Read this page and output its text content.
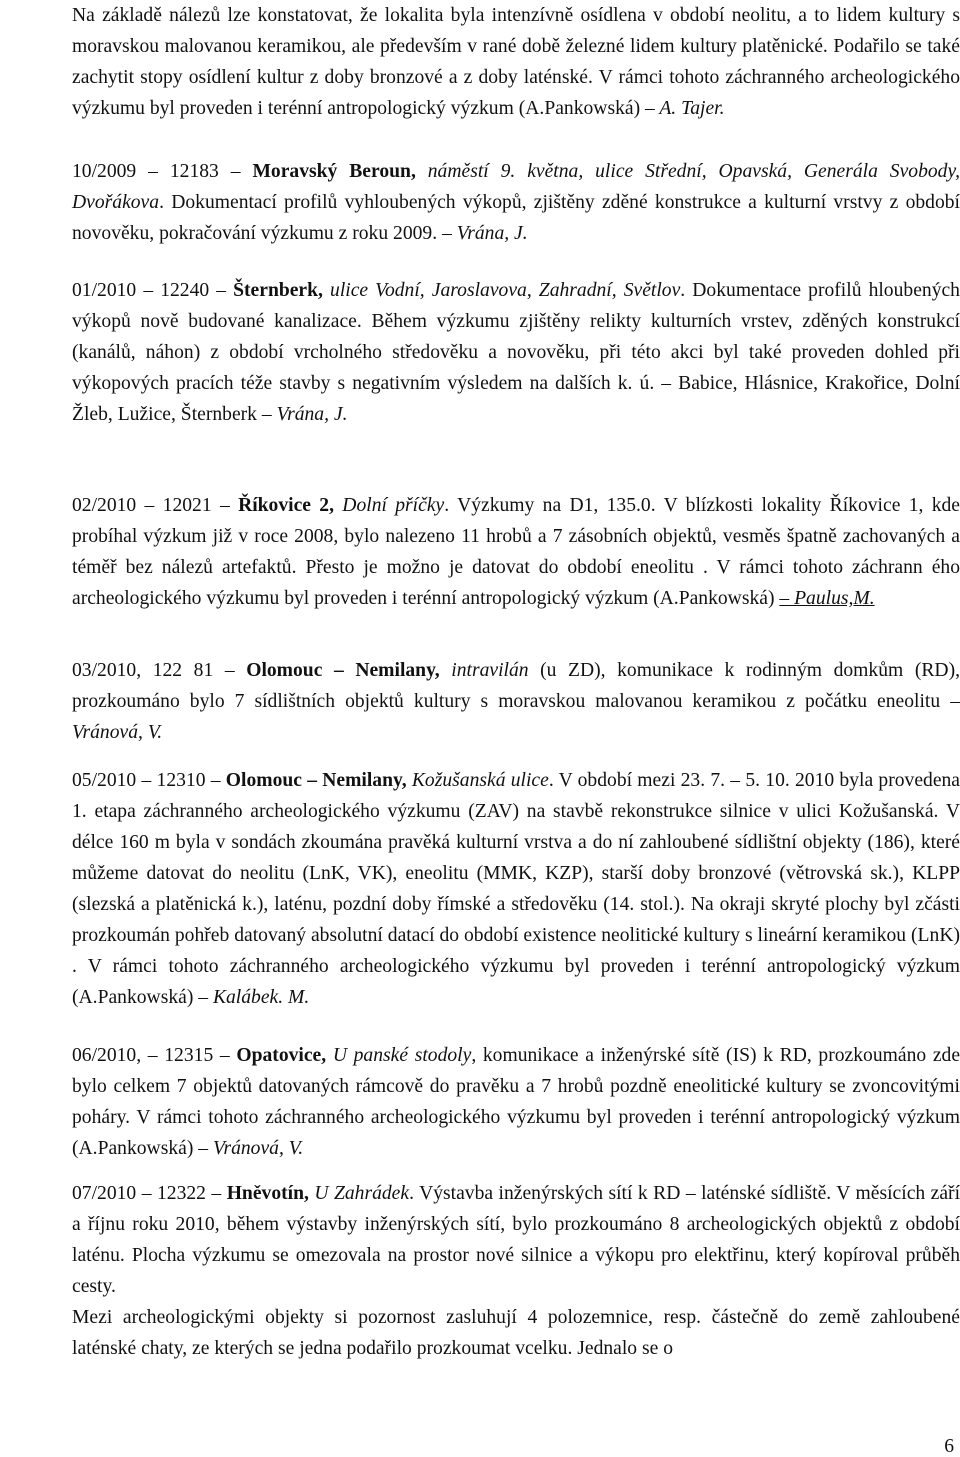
Na základě nálezů lze konstatovat, že lokalita byla intenzívně osídlena v období neolitu, a to lidem kultury s moravskou malovanou keramikou, ale především v rané době železné lidem kultury platěnické. Podařilo se také zachytit stopy osídlení kultur z doby bronzové a z doby laténské. V rámci tohoto záchranného archeologického výzkumu byl proveden i terénní antropologický výzkum (A.Pankowská) – A. Tajer.

10/2009 – 12183 – Moravský Beroun, náměstí 9. května, ulice Střední, Opavská, Generála Svobody, Dvořákova. Dokumentací profilů vyhloubených výkopů, zjištěny zděné konstrukce a kulturní vrstvy z období novověku, pokračování výzkumu z roku 2009. – Vrána, J.

01/2010 – 12240 – Šternberk, ulice Vodní, Jaroslavova, Zahradní, Světlov. Dokumentace profilů hloubených výkopů nově budované kanalizace. Během výzkumu zjištěny relikty kulturních vrstev, zděných konstrukcí (kanálů, náhon) z období vrcholného středověku a novověku, při této akci byl také proveden dohled při výkopových pracích téže stavby s negativním výsledem na dalších k. ú. – Babice, Hlásnice, Krakořice, Dolní Žleb, Lužice, Šternberk – Vrána, J.

02/2010 – 12021 – Říkovice 2, Dolní příčky. Výzkumy na D1, 135.0. V blízkosti lokality Říkovice 1, kde probíhal výzkum již v roce 2008, bylo nalezeno 11 hrobů a 7 zásobních objektů, vesměs špatně zachovaných a téměř bez nálezů artefaktů. Přesto je možno je datovat do období eneolitu . V rámci tohoto záchrann ého archeologického výzkumu byl proveden i terénní antropologický výzkum (A.Pankowská) – Paulus,M.

03/2010, 122 81 – Olomouc – Nemilany, intravilán (u ZD), komunikace k rodinným domkům (RD), prozkoumáno bylo 7 sídlištních objektů kultury s moravskou malovanou keramikou z počátku eneolitu – Vránová, V.

05/2010 – 12310 – Olomouc – Nemilany, Kožušanská ulice. V období mezi 23. 7. – 5. 10. 2010 byla provedena 1. etapa záchranného archeologického výzkumu (ZAV) na stavbě rekonstrukce silnice v ulici Kožušanská. V délce 160 m byla v sondách zkoumána pravěká kulturní vrstva a do ní zahloubené sídlištní objekty (186), které můžeme datovat do neolitu (LnK, VK), eneolitu (MMK, KZP), starší doby bronzové (větrovská sk.), KLPP (slezská a platěnická k.), laténu, pozdní doby římské a středověku (14. stol.). Na okraji skryté plochy byl zčásti prozkoumán pohřeb datovaný absolutní datací do období existence neolitické kultury s lineární keramikou (LnK) . V rámci tohoto záchranného archeologického výzkumu byl proveden i terénní antropologický výzkum (A.Pankowská) – Kalábek. M.

06/2010, – 12315 – Opatovice, U panské stodoly, komunikace a inženýrské sítě (IS) k RD, prozkoumáno zde bylo celkem 7 objektů datovaných rámcově do pravěku a 7 hrobů pozdně eneolitické kultury se zvoncovitými poháry. V rámci tohoto záchranného archeologického výzkumu byl proveden i terénní antropologický výzkum (A.Pankowská) – Vránová, V.

07/2010 – 12322 – Hněvotín, U Zahrádek. Výstavba inženýrských sítí k RD – laténské sídliště. V měsících září a říjnu roku 2010, během výstavby inženýrských sítí, bylo prozkoumáno 8 archeologických objektů z období laténu. Plocha výzkumu se omezovala na prostor nové silnice a výkopu pro elektřinu, který kopíroval průběh cesty.
Mezi archeologickými objekty si pozornost zasluhují 4 polozemnice, resp. částečně do země zahloubené laténské chaty, ze kterých se jedna podařilo prozkoumat vcelku. Jednalo se o

6
